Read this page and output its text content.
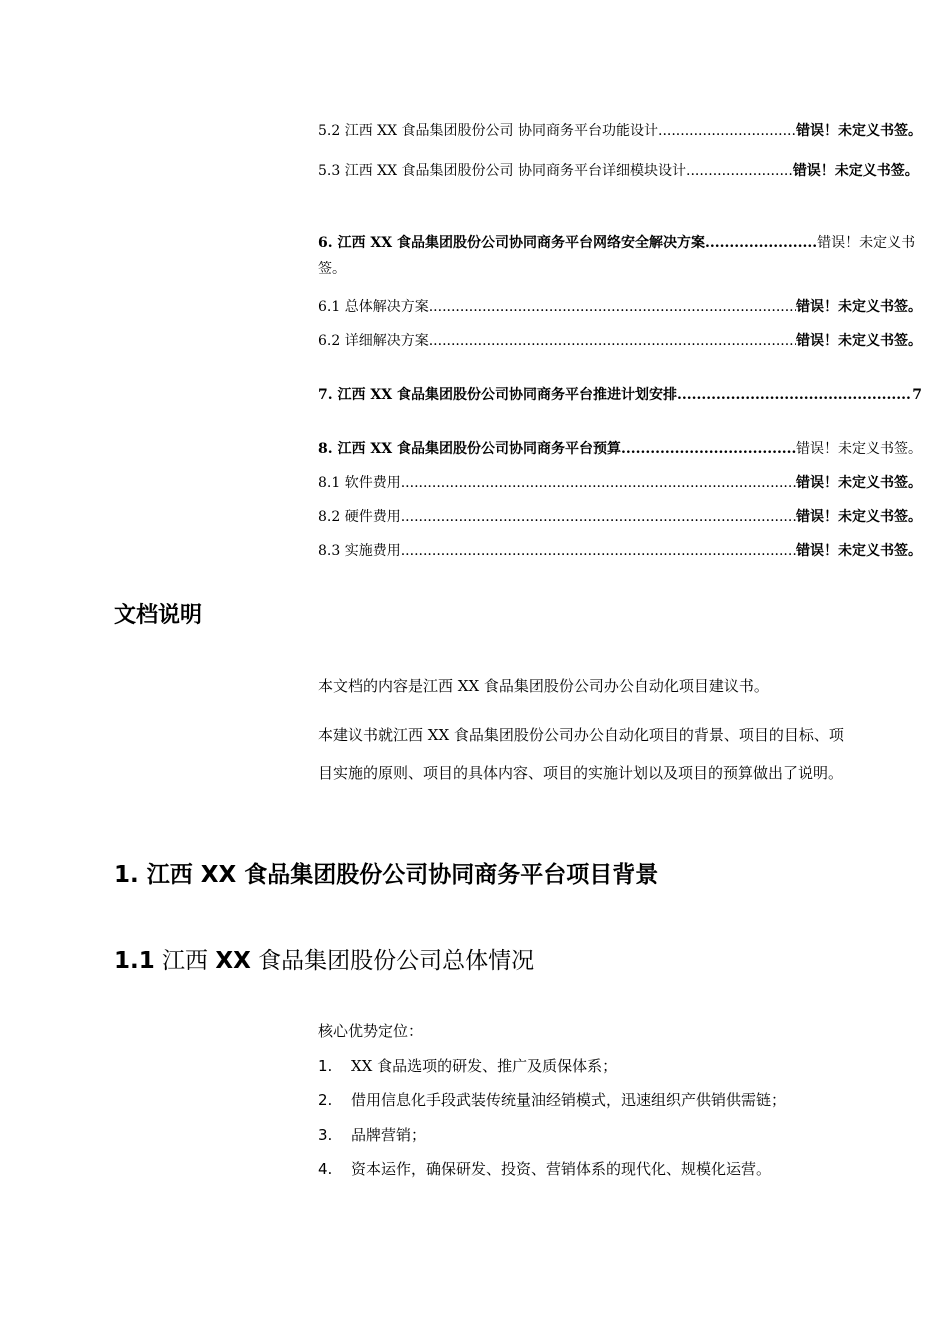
5.2 江西 XX 食品集团股份公司 协同商务平台功能设计 .....	错误！未定义书签。
5.3 江西 XX 食品集团股份公司 协同商务平台详细模块设计........................错误！未定义书签。
6. 江西 XX 食品集团股份公司协同商务平台网络安全解决方案.......................错误！未定义书签。
6.1 总体解决方案 .....	错误！未定义书签。
6.2 详细解决方案 .....	错误！未定义书签。
7. 江西 XX 食品集团股份公司协同商务平台推进计划安排 .....	7
8. 江西 XX 食品集团股份公司协同商务平台预算 .....	错误！未定义书签。
8.1 软件费用 .....	错误！未定义书签。
8.2 硬件费用 .....	错误！未定义书签。
8.3 实施费用 .....	错误！未定义书签。
文档说明
本文档的内容是江西 XX 食品集团股份公司办公自动化项目建议书。
本建议书就江西 XX 食品集团股份公司办公自动化项目的背景、项目的目标、项目实施的原则、项目的具体内容、项目的实施计划以及项目的预算做出了说明。
1. 江西 XX 食品集团股份公司协同商务平台项目背景
1.1 江西 XX 食品集团股份公司总体情况
核心优势定位：
1.	XX 食品选项的研发、推广及质保体系；
2.	借用信息化手段武装传统量油经销模式，迅速组织产供销供需链；
3.	品牌营销；
4.	资本运作，确保研发、投资、营销体系的现代化、规模化运营。
